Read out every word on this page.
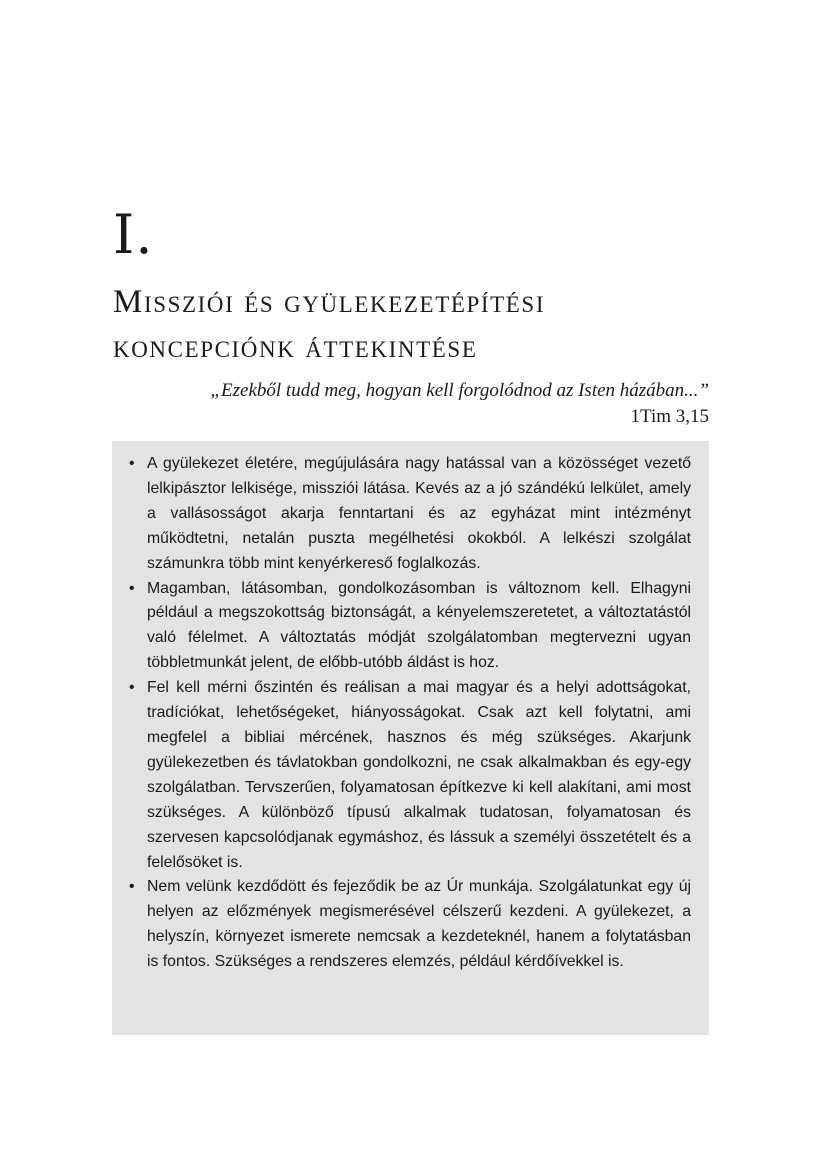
I.
Missziói és gyülekezetépítési
koncepciónk áttekintése
„Ezekből tudd meg, hogyan kell forgolódnod az Isten házában...”
1Tim 3,15
• A gyülekezet életére, megújulására nagy hatással van a közösséget vezető lelkipásztor lelkisége, missziói látása. Kevés az a jó szándékú lelkület, amely a vallásosságot akarja fenntartani és az egyházat mint intézményt működtetni, netalán puszta megélhetési okokból. A lelkészi szolgálat számunkra több mint kenyérkereső foglalkozás.
• Magamban, látásomban, gondolkozásomban is változnom kell. Elhagyni például a megszokottság biztonságát, a kényelemszeretetet, a változtatástól való félelmet. A változtatás módját szolgálatomban megtervezni ugyan többletmunkát jelent, de előbb-utóbb áldást is hoz.
• Fel kell mérni őszintén és reálisan a mai magyar és a helyi adottságokat, tradíciókat, lehetőségeket, hiányosságokat. Csak azt kell folytatni, ami megfelel a bibliai mércének, hasznos és még szükséges. Akarjunk gyülekezetben és távlatokban gondolkozni, ne csak alkalmakban és egy-egy szolgálatban. Tervszerűen, folyamatosan építkezve ki kell alakítani, ami most szükséges. A különböző típusú alkalmak tudatosan, folyamatosan és szervesen kapcsolódjanak egymáshoz, és lássuk a személyi összetételt és a felelősöket is.
• Nem velünk kezdődött és fejeződik be az Úr munkája. Szolgálatunkat egy új helyen az előzmények megismerésével célszerű kezdeni. A gyülekezet, a helyszín, környezet ismerete nemcsak a kezdeteknél, hanem a folytatásban is fontos. Szükséges a rendszeres elemzés, például kérdőívekkel is.
